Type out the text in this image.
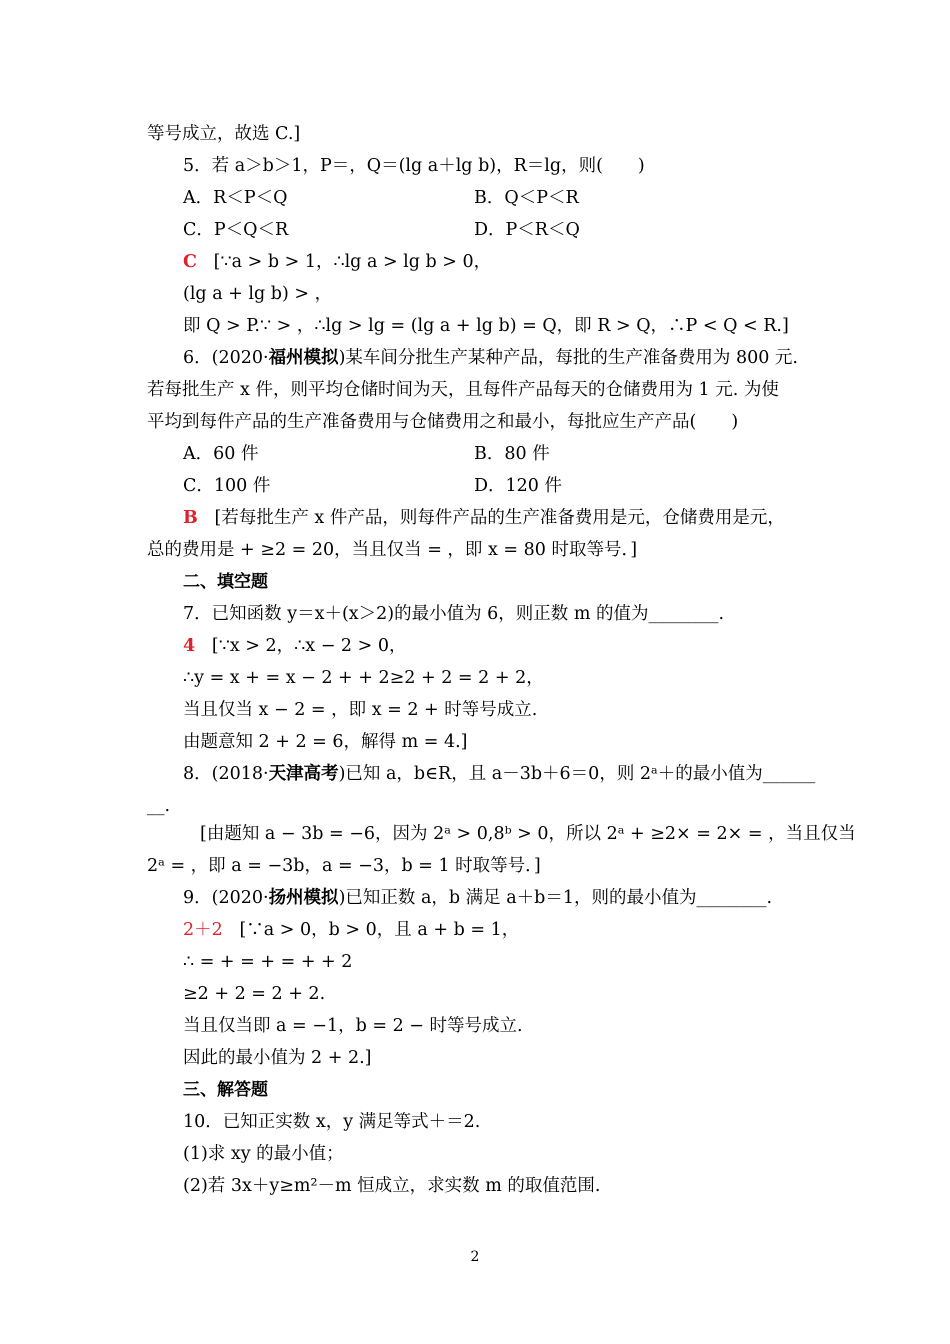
等号成立，故选 C.]
5．若 a＞b＞1，P＝，Q＝(lg a＋lg b)，R＝lg，则(　　)
A．R＜P＜Q	B．Q＜P＜R
C．P＜Q＜R	D．P＜R＜Q
C [∵a > b > 1，∴lg a > lg b > 0，
(lg a + lg b) > ，
即 Q > P.∵ > ，∴lg > lg = (lg a + lg b) = Q，即 R > Q，∴P < Q < R.]
6．(2020·福州模拟)某车间分批生产某种产品，每批的生产准备费用为 800 元.
若每批生产 x 件，则平均仓储时间为天，且每件产品每天的仓储费用为 1 元. 为使
平均到每件产品的生产准备费用与仓储费用之和最小，每批应生产产品(　　)
A．60 件	B．80 件
C．100 件	D．120 件
B [若每批生产 x 件产品，则每件产品的生产准备费用是元，仓储费用是元，
总的费用是 + ≥2 = 20，当且仅当 = ，即 x = 80 时取等号．]
二、填空题
7．已知函数 y＝x＋(x＞2)的最小值为 6，则正数 m 的值为________.
4 [∵x > 2，∴x − 2 > 0，
∴y = x + = x − 2 + + 2≥2 + 2 = 2 + 2，
当且仅当 x − 2 = ，即 x = 2 + 时等号成立.
由题意知 2 + 2 = 6，解得 m = 4.]
8．(2018·天津高考)已知 a，b∈R，且 a－3b＋6＝0，则 2ᵃ＋的最小值为______
__.
[由题知 a − 3b = −6，因为 2ᵃ > 0,8ᵇ > 0，所以 2ᵃ + ≥2× = 2× = ，当且仅当
2ᵃ = ，即 a = −3b，a = −3，b = 1 时取等号．]
9．(2020·扬州模拟)已知正数 a，b 满足 a＋b＝1，则的最小值为________.
2＋2 [∵a > 0，b > 0，且 a + b = 1，
∴ = + = + = + + 2
≥2 + 2 = 2 + 2.
当且仅当即 a = −1，b = 2 − 时等号成立.
因此的最小值为 2 + 2.]
三、解答题
10．已知正实数 x，y 满足等式＋＝2.
(1)求 xy 的最小值；
(2)若 3x＋y≥m²－m 恒成立，求实数 m 的取值范围.
2
